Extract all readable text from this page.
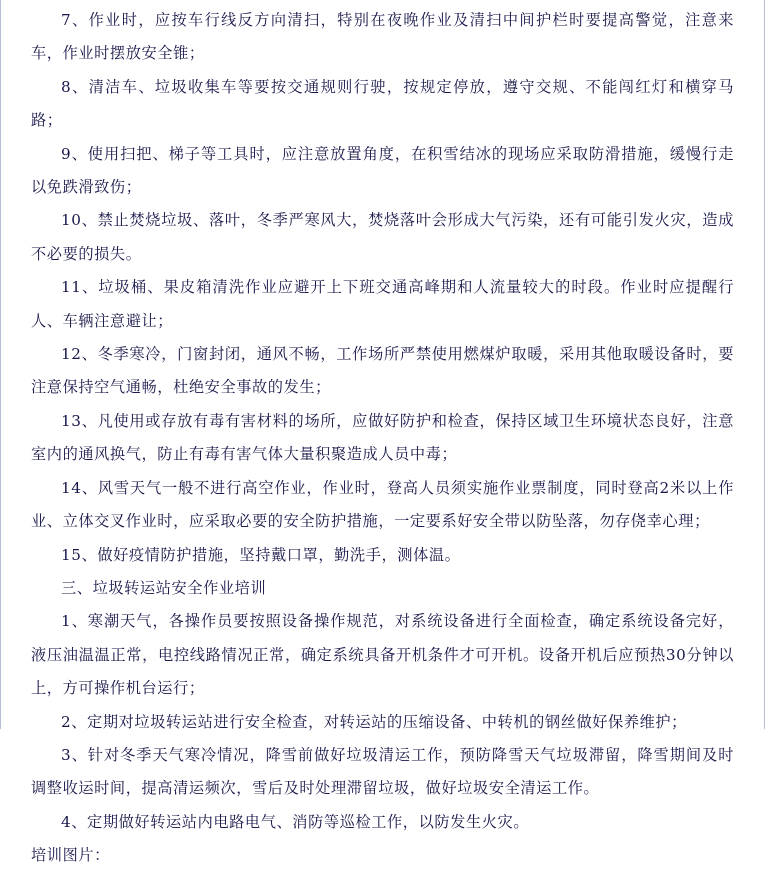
7、作业时，应按车行线反方向清扫，特别在夜晚作业及清扫中间护栏时要提高警觉，注意来车，作业时摆放安全锥；

8、清洁车、垃圾收集车等要按交通规则行驶，按规定停放，遵守交规、不能闯红灯和横穿马路；

9、使用扫把、梯子等工具时，应注意放置角度，在积雪结冰的现场应采取防滑措施，缓慢行走以免跌滑致伤；

10、禁止焚烧垃圾、落叶，冬季严寒风大，焚烧落叶会形成大气污染，还有可能引发火灾，造成不必要的损失。

11、垃圾桶、果皮箱清洗作业应避开上下班交通高峰期和人流量较大的时段。作业时应提醒行人、车辆注意避让；

12、冬季寒冷，门窗封闭，通风不畅，工作场所严禁使用燃煤炉取暖，采用其他取暖设备时，要注意保持空气通畅，杜绝安全事故的发生；

13、凡使用或存放有毒有害材料的场所，应做好防护和检查，保持区域卫生环境状态良好，注意室内的通风换气，防止有毒有害气体大量积聚造成人员中毒；

14、风雪天气一般不进行高空作业，作业时，登高人员须实施作业票制度，同时登高2米以上作业、立体交叉作业时，应采取必要的安全防护措施，一定要系好安全带以防坠落，勿存侥幸心理；

15、做好疫情防护措施，坚持戴口罩，勤洗手，测体温。

三、垃圾转运站安全作业培训

1、寒潮天气，各操作员要按照设备操作规范，对系统设备进行全面检查，确定系统设备完好，液压油温温正常，电控线路情况正常，确定系统具备开机条件才可开机。设备开机后应预热30分钟以上，方可操作机台运行；

2、定期对垃圾转运站进行安全检查，对转运站的压缩设备、中转机的钢丝做好保养维护；

3、针对冬季天气寒冷情况，降雪前做好垃圾清运工作，预防降雪天气垃圾滞留，降雪期间及时调整收运时间，提高清运频次，雪后及时处理滞留垃圾，做好垃圾安全清运工作。

4、定期做好转运站内电路电气、消防等巡检工作，以防发生火灾。

培训图片：
